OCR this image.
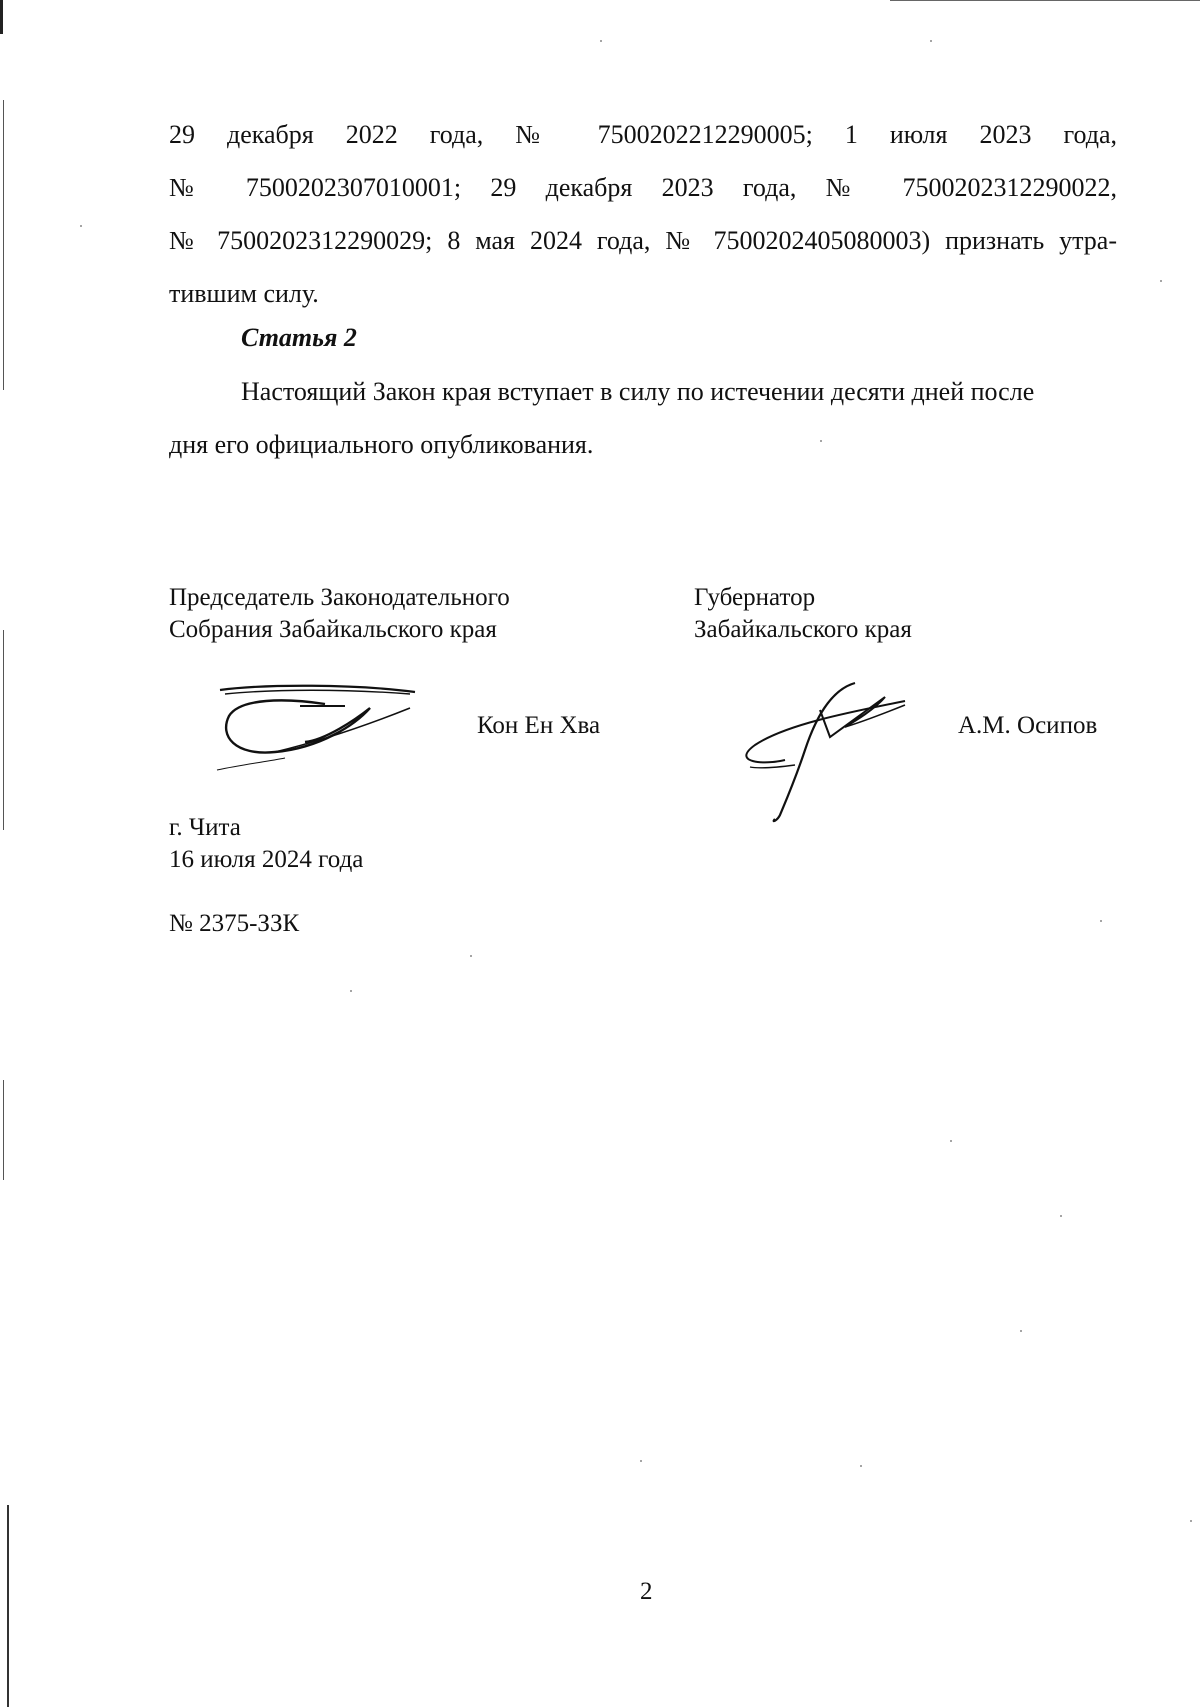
29 декабря 2022 года, № 7500202212290005; 1 июля 2023 года,
№ 7500202307010001; 29 декабря 2023 года, № 7500202312290022,
№ 7500202312290029; 8 мая 2024 года, № 7500202405080003) признать утра-
тившим силу.
Статья 2
Настоящий Закон края вступает в силу по истечении десяти дней после
дня его официального опубликования.
Председатель Законодательного
Собрания Забайкальского края
Губернатор
Забайкальского края
Кон Ен Хва	А.М. Осипов
г. Чита
16 июля 2024 года
№ 2375-ЗЗК
2
